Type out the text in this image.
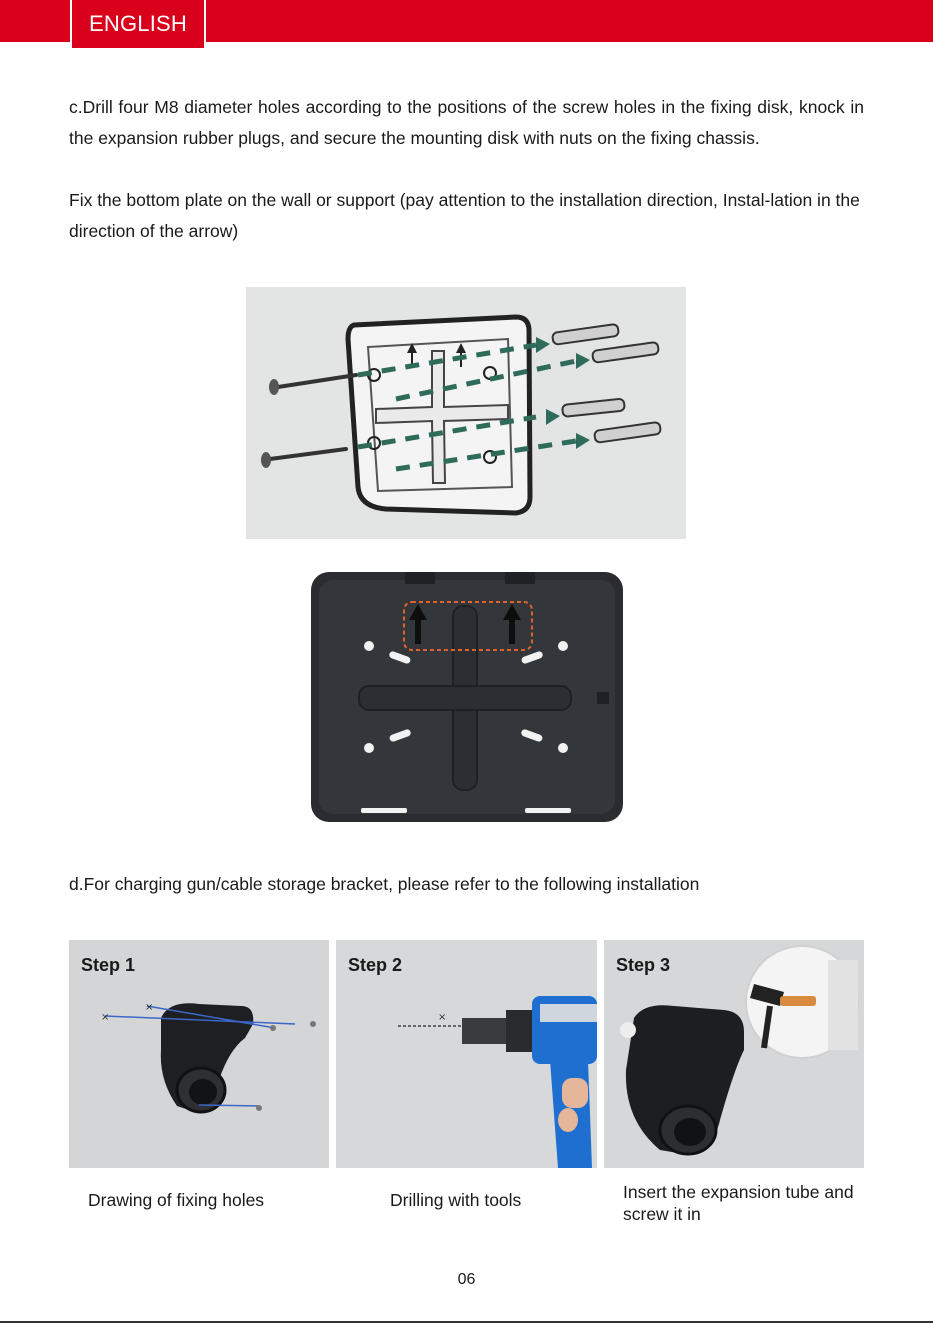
ENGLISH

c.Drill four M8 diameter holes according to the positions of the screw holes in the fixing disk, knock in the expansion rubber plugs, and secure the mounting disk with nuts on the fixing chassis.

Fix the bottom plate on the wall or support (pay attention to the installation direction, Instal-lation in the direction of the arrow)

d.For charging gun/cable storage bracket, please refer to the following installation

×
×
Step 1
×
Step 2	Step 3

Drawing of fixing holes	Drilling with tools	Insert the expansion tube and screw it in

06
